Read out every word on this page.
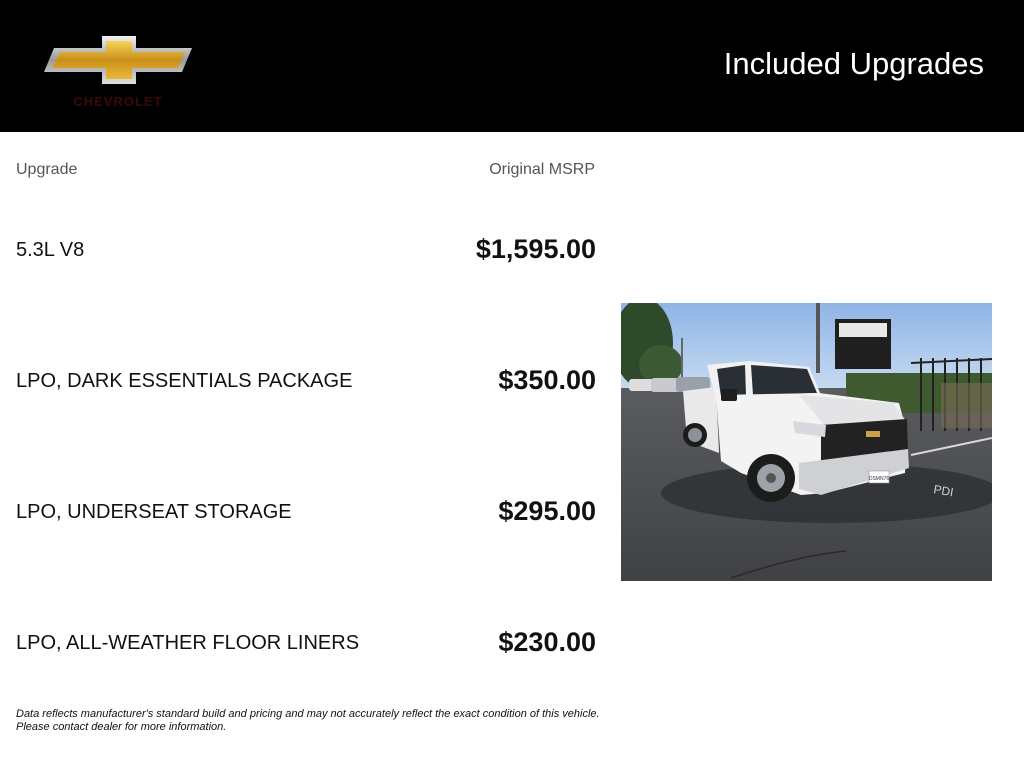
CHEVROLET
Included Upgrades
Upgrade	Original MSRP
5.3L V8	$1,595.00
LPO, DARK ESSENTIALS PACKAGE	$350.00
LPO, UNDERSEAT STORAGE	$295.00
LPO, ALL-WEATHER FLOOR LINERS	$230.00
DSMN76
PDI
Data reflects manufacturer's standard build and pricing and may not accurately reflect the exact condition of this vehicle.
Please contact dealer for more information.
